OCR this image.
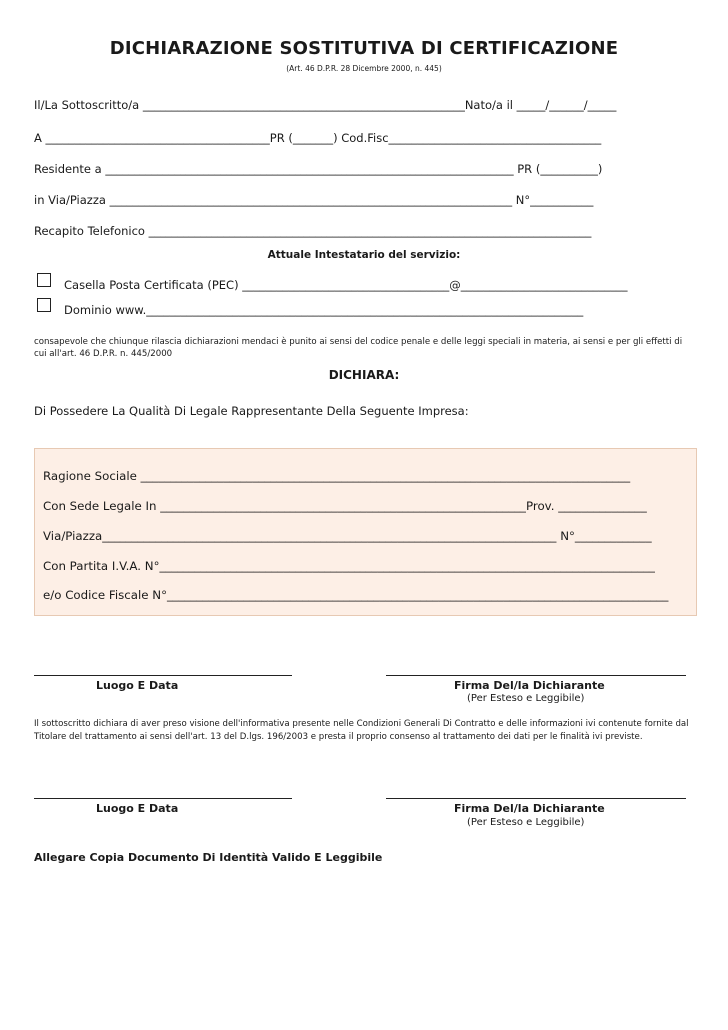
DICHIARAZIONE SOSTITUTIVA DI CERTIFICAZIONE
(Art. 46 D.P.R. 28 Dicembre 2000, n. 445)
Il/La Sottoscritto/a ________________________________________________________Nato/a il _____/______/_____
A _______________________________________PR (_______) Cod.Fisc_____________________________________
Residente a _______________________________________________________________________ PR (__________)
in Via/Piazza ______________________________________________________________________ N°___________
Recapito Telefonico _____________________________________________________________________________
Attuale Intestatario del servizio:
Casella Posta Certificata (PEC) ____________________________________@_____________________________
Dominio www.____________________________________________________________________________
consapevole che chiunque rilascia dichiarazioni mendaci è punito ai sensi del codice penale e delle leggi speciali in materia, ai sensi e per gli effetti di cui all'art. 46 D.P.R. n. 445/2000
DICHIARA:
Di Possedere La Qualità Di Legale Rappresentante Della Seguente Impresa:
Ragione Sociale ___________________________________________________________________________________
Con Sede Legale In ______________________________________________________________Prov. _______________
Via/Piazza_____________________________________________________________________________ N°_____________
Con Partita I.V.A. N°____________________________________________________________________________________
e/o Codice Fiscale N°_____________________________________________________________________________________
Luogo E Data	Firma Del/la Dichiarante
(Per Esteso e Leggibile)
Il sottoscritto dichiara di aver preso visione dell'informativa presente nelle Condizioni Generali Di Contratto e delle informazioni ivi contenute fornite dal Titolare del trattamento ai sensi dell'art. 13 del D.lgs. 196/2003 e presta il proprio consenso al trattamento dei dati per le finalità ivi previste.
Luogo E Data	Firma Del/la Dichiarante
(Per Esteso e Leggibile)
Allegare Copia Documento Di Identità Valido E Leggibile
